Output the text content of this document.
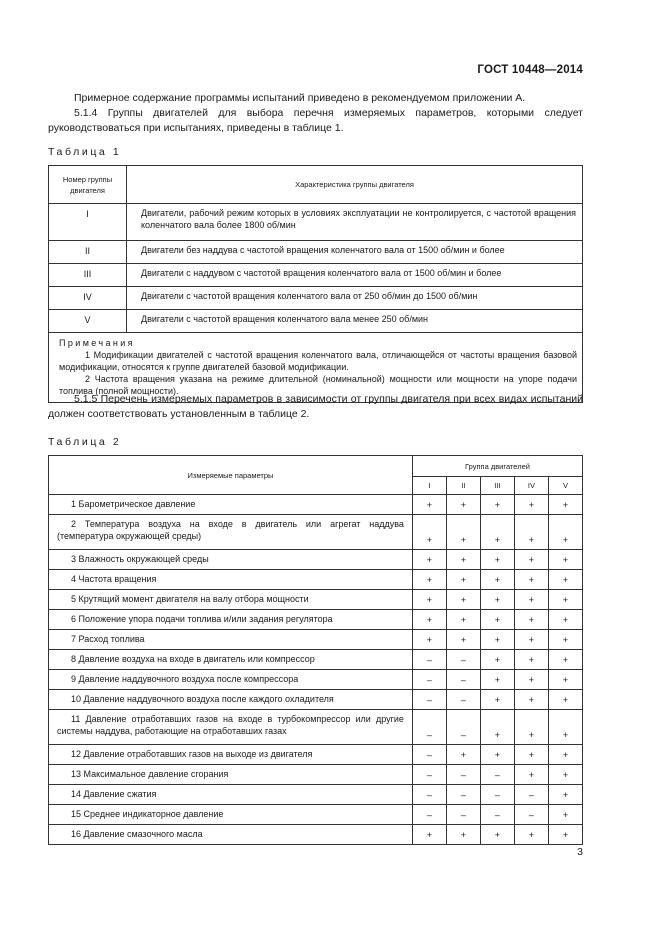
ГОСТ 10448—2014
Примерное содержание программы испытаний приведено в рекомендуемом приложении А.
5.1.4 Группы двигателей для выбора перечня измеряемых параметров, которыми следует руководствоваться при испытаниях, приведены в таблице 1.
Таблица 1
Номер группы двигателя	Характеристика группы двигателя
I	Двигатели, рабочий режим которых в условиях эксплуатации не контролируется, с частотой вращения коленчатого вала более 1800 об/мин
II	Двигатели без наддува с частотой вращения коленчатого вала от 1500 об/мин и более
III	Двигатели с наддувом с частотой вращения коленчатого вала от 1500 об/мин и более
IV	Двигатели с частотой вращения коленчатого вала от 250 об/мин до 1500 об/мин
V	Двигатели с частотой вращения коленчатого вала менее 250 об/мин

Примечания
1 Модификации двигателей с частотой вращения коленчатого вала, отличающейся от частоты вращения базовой модификации, относятся к группе двигателей базовой модификации.
2 Частота вращения указана на режиме длительной (номинальной) мощности или мощности на упоре подачи топлива (полной мощности).	
5.1.5 Перечень измеряемых параметров в зависимости от группы двигателя при всех видах испытаний должен соответствовать установленным в таблице 2.
Таблица 2
Измеряемые параметры	Группа двигателей				
	I	II	III	IV	V
1 Барометрическое давление	+	+	+	+	+
2 Температура воздуха на входе в двигатель или агрегат наддува (температура окружающей среды)	+	+	+	+	+
3 Влажность окружающей среды	+	+	+	+	+
4 Частота вращения	+	+	+	+	+
5 Крутящий момент двигателя на валу отбора мощности	+	+	+	+	+
6 Положение упора подачи топлива и/или задания регулятора	+	+	+	+	+
7 Расход топлива	+	+	+	+	+
8 Давление воздуха на входе в двигатель или компрессор	–	–	+	+	+
9 Давление наддувочного воздуха после компрессора	–	–	+	+	+
10 Давление наддувочного воздуха после каждого охладителя	–	–	+	+	+
11 Давление отработавших газов на входе в турбокомпрессор или другие системы наддува, работающие на отработавших газах	–	–	+	+	+
12 Давление отработавших газов на выходе из двигателя	–	+	+	+	+
13 Максимальное давление сгорания	–	–	–	+	+
14 Давление сжатия	–	–	–	–	+
15 Среднее индикаторное давление	–	–	–	–	+
16 Давление смазочного масла	+	+	+	+	+
3
